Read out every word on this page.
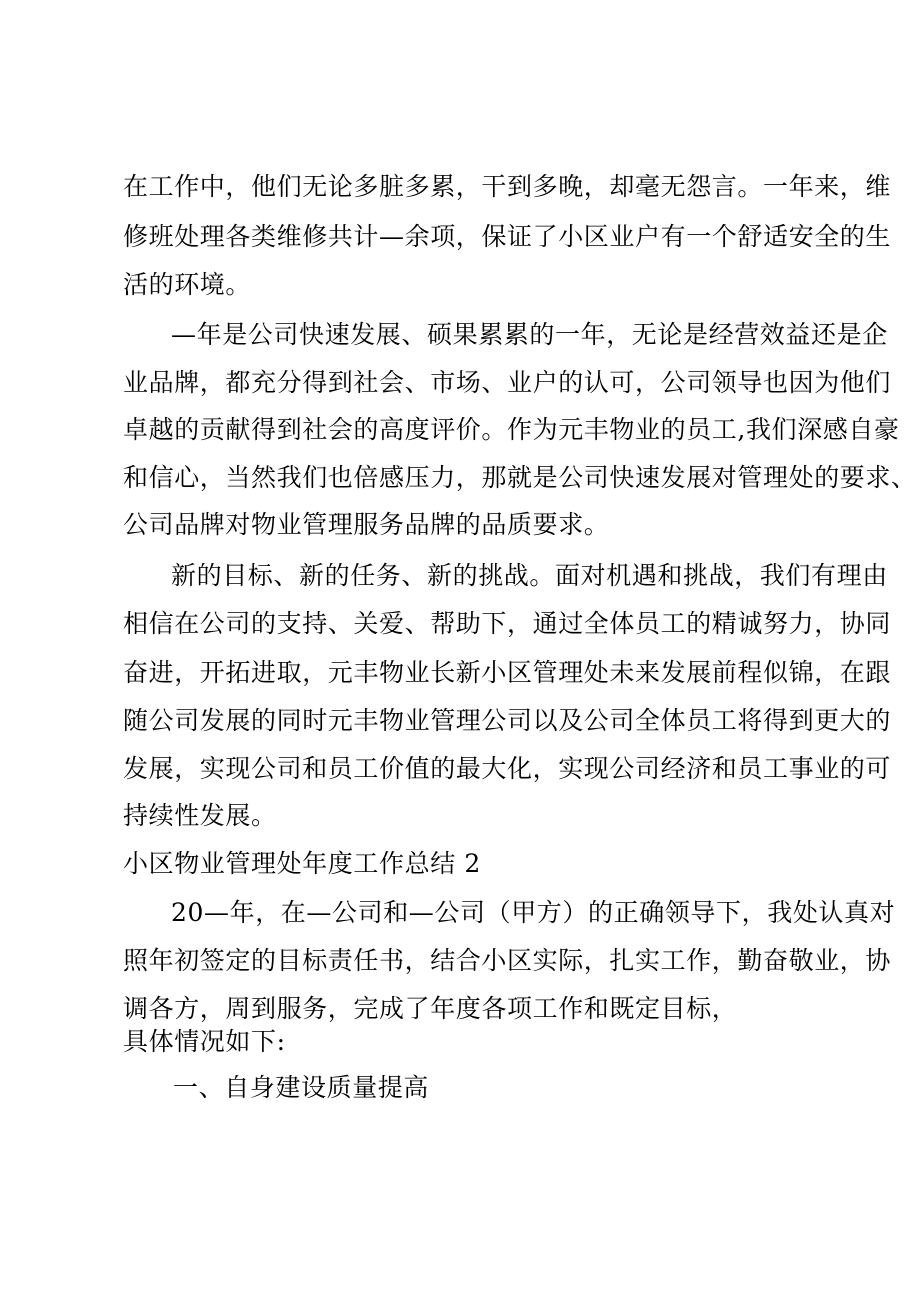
在工作中，他们无论多脏多累，干到多晚，却毫无怨言。一年来，维
修班处理各类维修共计—余项，保证了小区业户有一个舒适安全的生
活的环境。
—年是公司快速发展、硕果累累的一年，无论是经营效益还是企
业品牌，都充分得到社会、市场、业户的认可，公司领导也因为他们
卓越的贡献得到社会的高度评价。作为元丰物业的员工,我们深感自豪
和信心，当然我们也倍感压力，那就是公司快速发展对管理处的要求、
公司品牌对物业管理服务品牌的品质要求。
新的目标、新的任务、新的挑战。面对机遇和挑战，我们有理由
相信在公司的支持、关爱、帮助下，通过全体员工的精诚努力，协同
奋进，开拓进取，元丰物业长新小区管理处未来发展前程似锦，在跟
随公司发展的同时元丰物业管理公司以及公司全体员工将得到更大的
发展，实现公司和员工价值的最大化，实现公司经济和员工事业的可
持续性发展。
小区物业管理处年度工作总结 2
20—年，在—公司和—公司（甲方）的正确领导下，我处认真对
照年初签定的目标责任书，结合小区实际，扎实工作，勤奋敬业，协
调各方，周到服务，完成了年度各项工作和既定目标，
具体情况如下:
一、自身建设质量提高
